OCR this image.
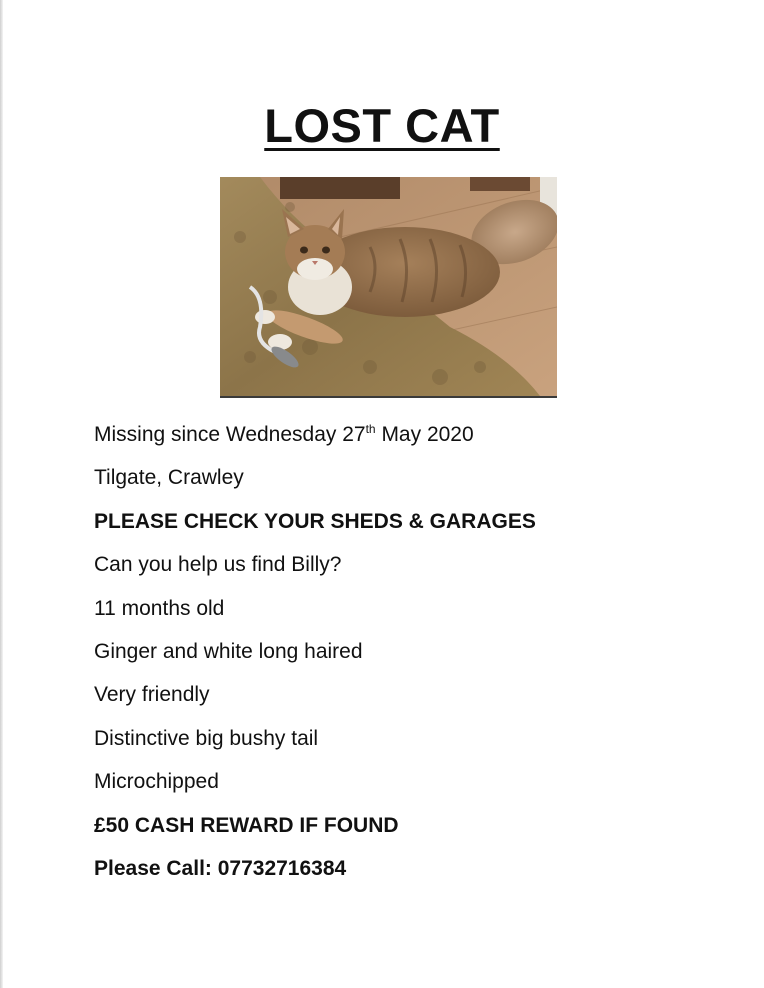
LOST CAT
Missing since Wednesday 27th May 2020
Tilgate, Crawley
PLEASE CHECK YOUR SHEDS & GARAGES
Can you help us find Billy?
11 months old
Ginger and white long haired
Very friendly
Distinctive big bushy tail
Microchipped
£50 CASH REWARD IF FOUND
Please Call: 07732716384
